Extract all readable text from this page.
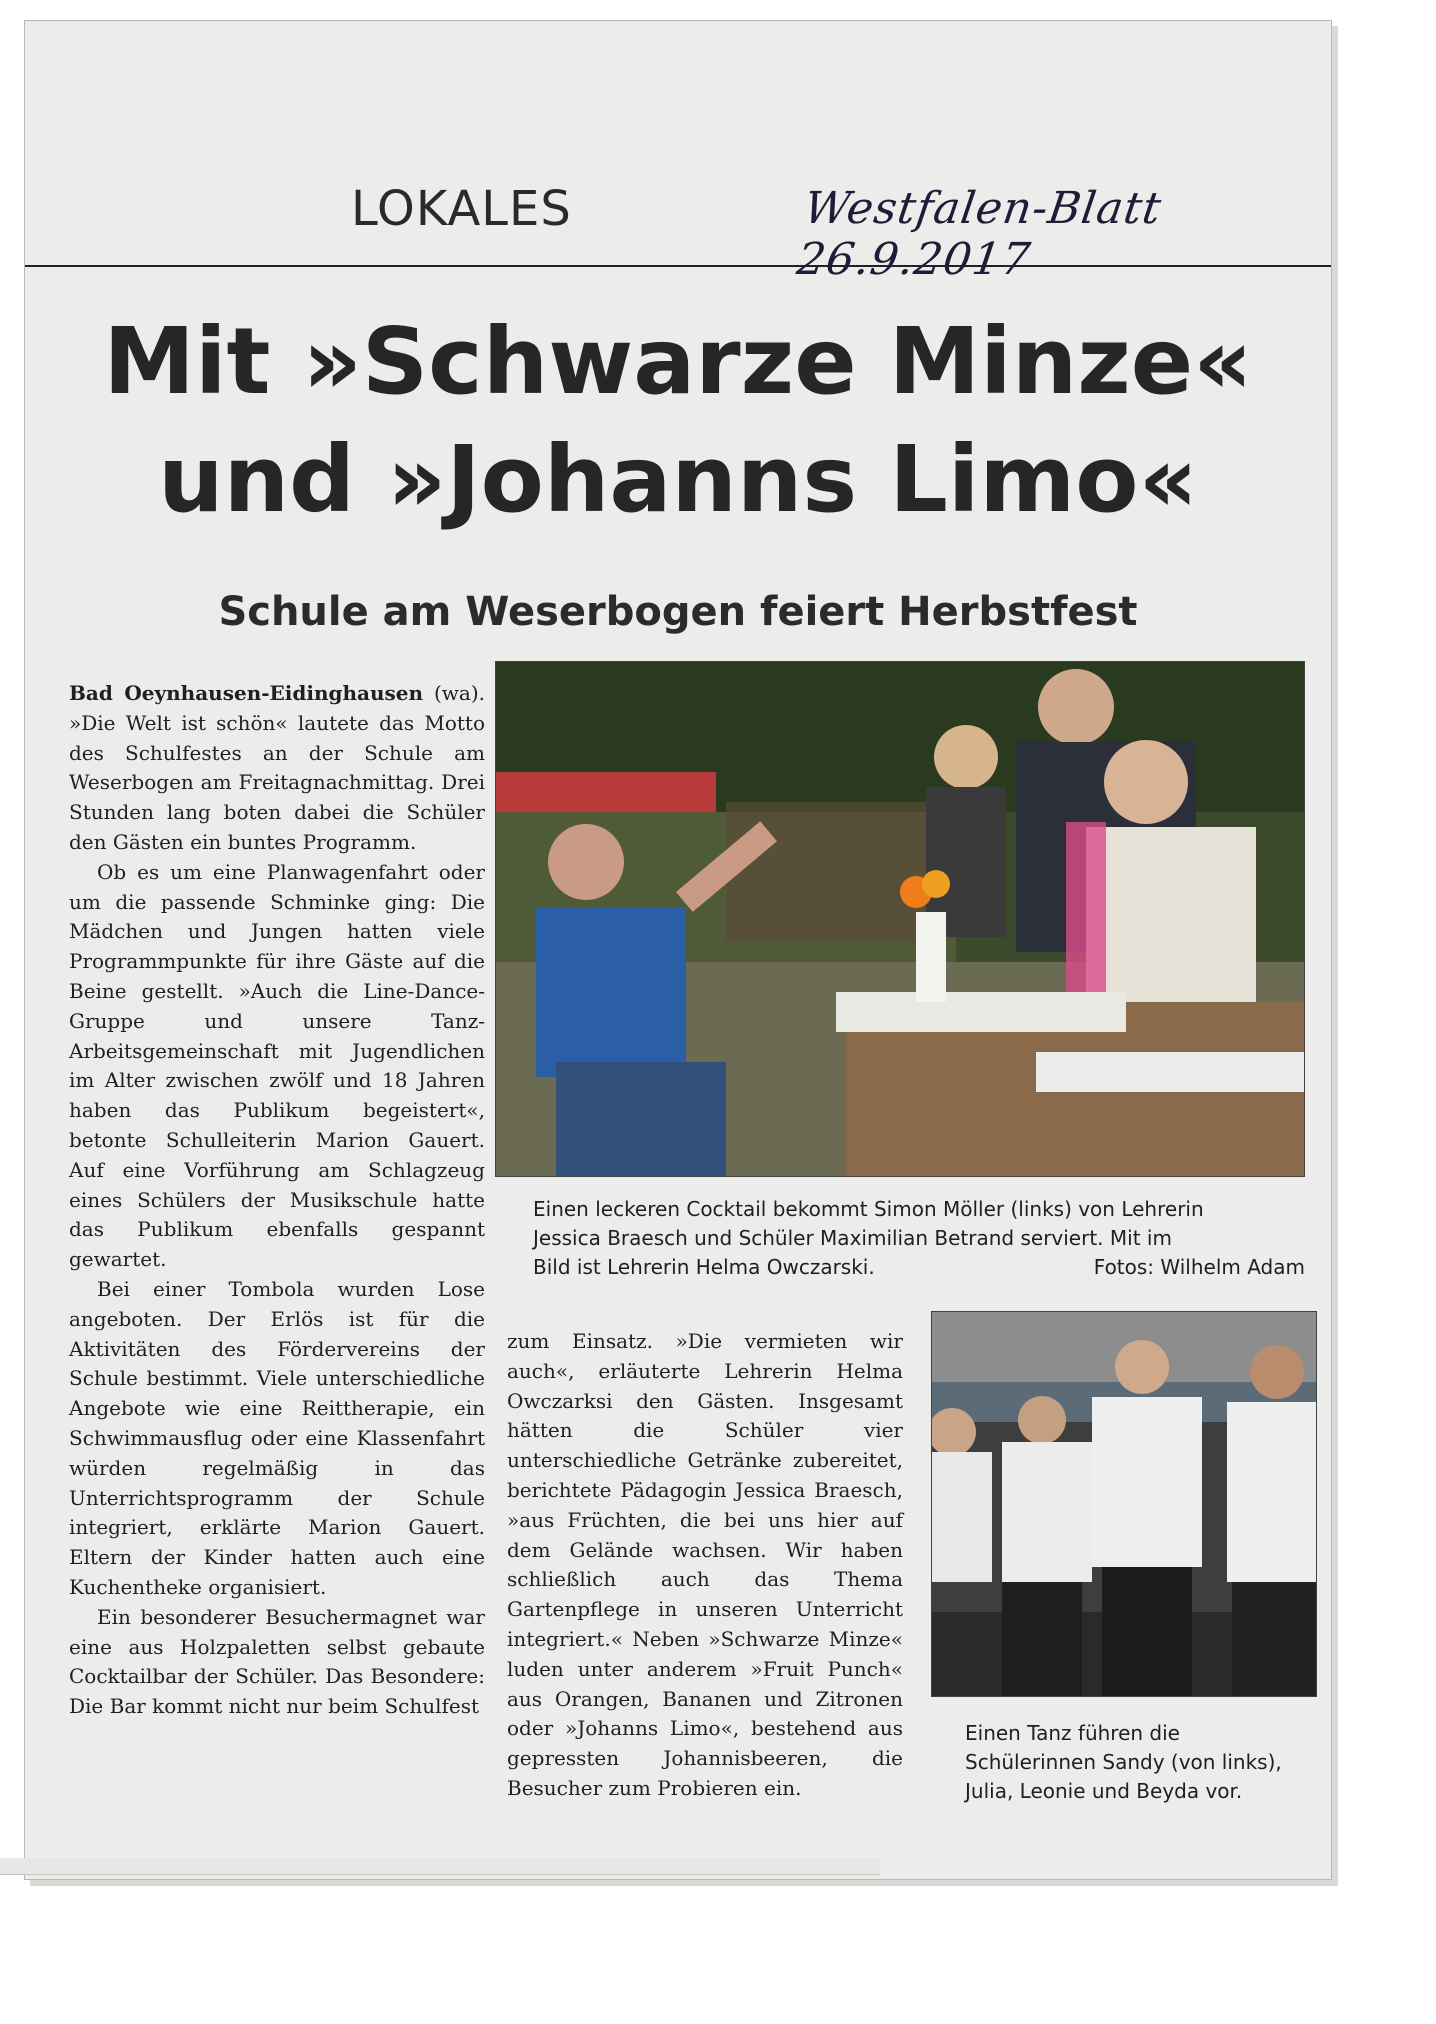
LOKALES	Westfalen-Blatt 26.9.2017
Mit »Schwarze Minze«
und »Johanns Limo«
Schule am Weserbogen feiert Herbstfest

Bad Oeynhausen-Eidinghausen (wa). »Die Welt ist schön« lautete das Motto des Schulfestes an der Schule am Weserbogen am Freitagnachmittag. Drei Stunden lang boten dabei die Schüler den Gästen ein buntes Programm.

Ob es um eine Planwagenfahrt oder um die passende Schminke ging: Die Mädchen und Jungen hatten viele Programmpunkte für ihre Gäste auf die Beine gestellt. »Auch die Line-Dance-Gruppe und unsere Tanz-Arbeitsgemeinschaft mit Jugendlichen im Alter zwischen zwölf und 18 Jahren haben das Publikum begeistert«, betonte Schulleiterin Marion Gauert. Auf eine Vorführung am Schlagzeug eines Schülers der Musikschule hatte das Publikum ebenfalls gespannt gewartet.

Bei einer Tombola wurden Lose angeboten. Der Erlös ist für die Aktivitäten des Fördervereins der Schule bestimmt. Viele unterschiedliche Angebote wie eine Reittherapie, ein Schwimmausflug oder eine Klassenfahrt würden regelmäßig in das Unterrichtsprogramm der Schule integriert, erklärte Marion Gauert. Eltern der Kinder hatten auch eine Kuchentheke organisiert.

Ein besonderer Besuchermagnet war eine aus Holzpaletten selbst gebaute Cocktailbar der Schüler. Das Besondere: Die Bar kommt nicht nur beim Schulfest

Einen leckeren Cocktail bekommt Simon Möller (links) von Lehrerin
Jessica Braesch und Schüler Maximilian Betrand serviert. Mit im
Bild ist Lehrerin Helma Owczarski.	Fotos: Wilhelm Adam

zum Einsatz. »Die vermieten wir auch«, erläuterte Lehrerin Helma Owczarksi den Gästen. Insgesamt hätten die Schüler vier unterschiedliche Getränke zubereitet, berichtete Pädagogin Jessica Braesch, »aus Früchten, die bei uns hier auf dem Gelände wachsen. Wir haben schließlich auch das Thema Gartenpflege in unseren Unterricht integriert.« Neben »Schwarze Minze« luden unter anderem »Fruit Punch« aus Orangen, Bananen und Zitronen oder »Johanns Limo«, bestehend aus gepressten Johannisbeeren, die Besucher zum Probieren ein.

Einen Tanz führen die Schülerinnen Sandy (von links), Julia, Leonie und Beyda vor.
